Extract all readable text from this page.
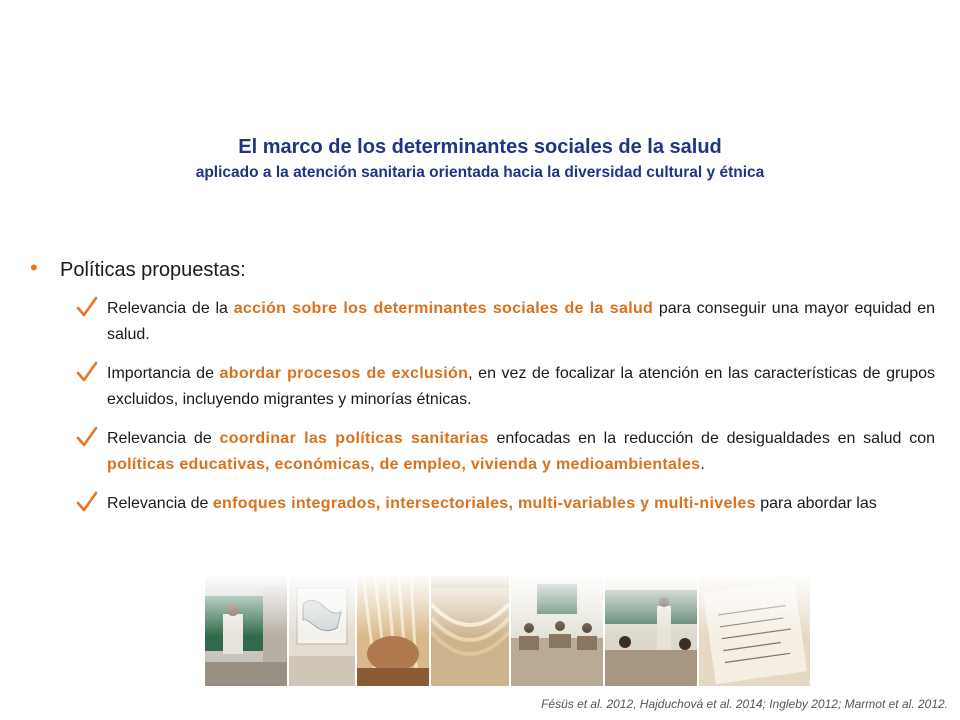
El marco de los determinantes sociales de la salud
aplicado a la atención sanitaria orientada hacia la diversidad cultural y étnica
• Políticas propuestas:
Relevancia de la acción sobre los determinantes sociales de la salud para conseguir una mayor equidad en salud.
Importancia de abordar procesos de exclusión, en vez de focalizar la atención en las características de grupos excluidos, incluyendo migrantes y minorías étnicas.
Relevancia de coordinar las políticas sanitarias enfocadas en la reducción de desigualdades en salud con políticas educativas, económicas, de empleo, vivienda y medioambientales.
Relevancia de enfoques integrados, intersectoriales, multi-variables y multi-niveles para abordar las
Fésüs et al. 2012, Hajduchová et al. 2014; Ingleby 2012; Marmot et al. 2012.
